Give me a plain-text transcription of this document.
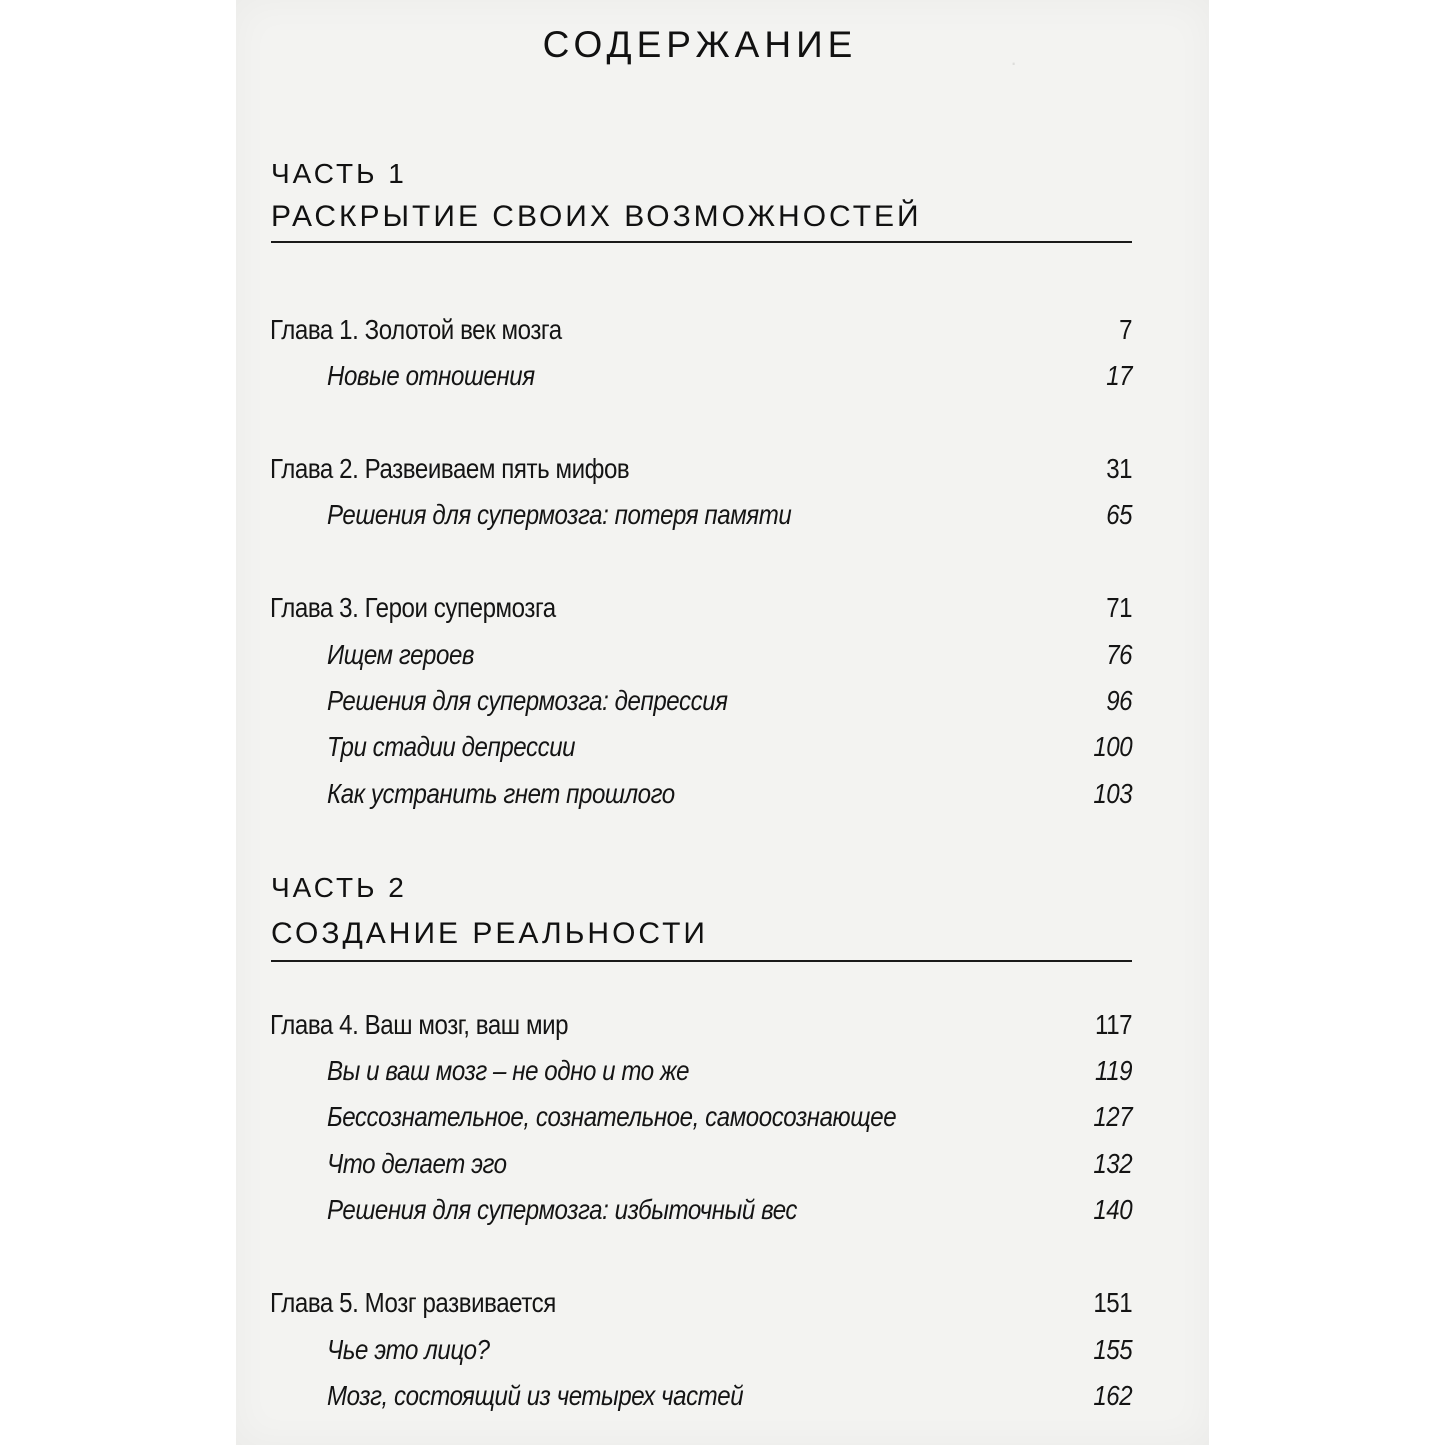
·
СОДЕРЖАНИЕ
ЧАСТЬ 1
РАСКРЫТИЕ СВОИХ ВОЗМОЖНОСТЕЙ
Глава 1. Золотой век мозга	7
Новые отношения	17
Глава 2. Развеиваем пять мифов	31
Решения для супермозга: потеря памяти	65
Глава 3. Герои супермозга	71
Ищем героев	76
Решения для супермозга: депрессия	96
Три стадии депрессии	100
Как устранить гнет прошлого	103
ЧАСТЬ 2
СОЗДАНИЕ РЕАЛЬНОСТИ
Глава 4. Ваш мозг, ваш мир	117
Вы и ваш мозг – не одно и то же	119
Бессознательное, сознательное, самоосознающее	127
Что делает эго	132
Решения для супермозга: избыточный вес	140
Глава 5. Мозг развивается	151
Чье это лицо?	155
Мозг, состоящий из четырех частей	162
